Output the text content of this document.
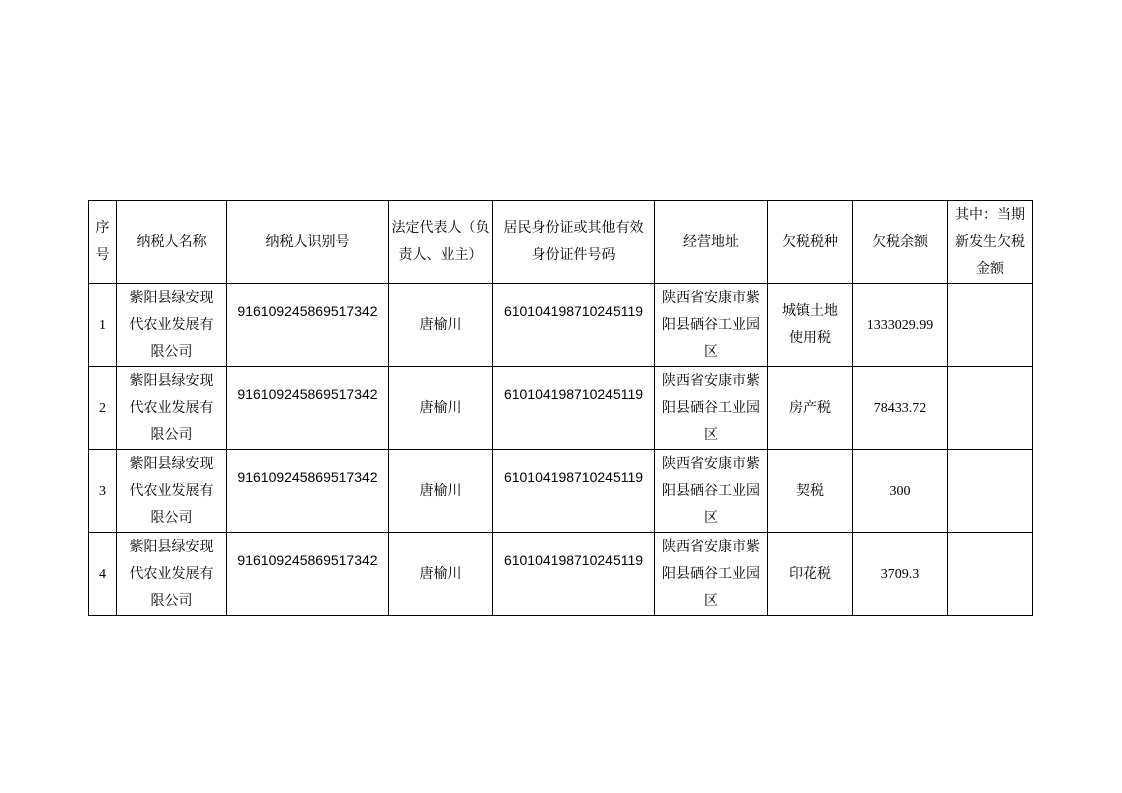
序号	纳税人名称	纳税人识别号	法定代表人（负责人、业主）	居民身份证或其他有效身份证件号码	经营地址	欠税税种	欠税余额	其中：当期新发生欠税金额
1	紫阳县绿安现代农业发展有限公司	916109245869517342	唐榆川	610104198710245119	陕西省安康市紫阳县硒谷工业园区	城镇土地使用税	1333029.99	
2	紫阳县绿安现代农业发展有限公司	916109245869517342	唐榆川	610104198710245119	陕西省安康市紫阳县硒谷工业园区	房产税	78433.72	
3	紫阳县绿安现代农业发展有限公司	916109245869517342	唐榆川	610104198710245119	陕西省安康市紫阳县硒谷工业园区	契税	300	
4	紫阳县绿安现代农业发展有限公司	916109245869517342	唐榆川	610104198710245119	陕西省安康市紫阳县硒谷工业园区	印花税	3709.3	
